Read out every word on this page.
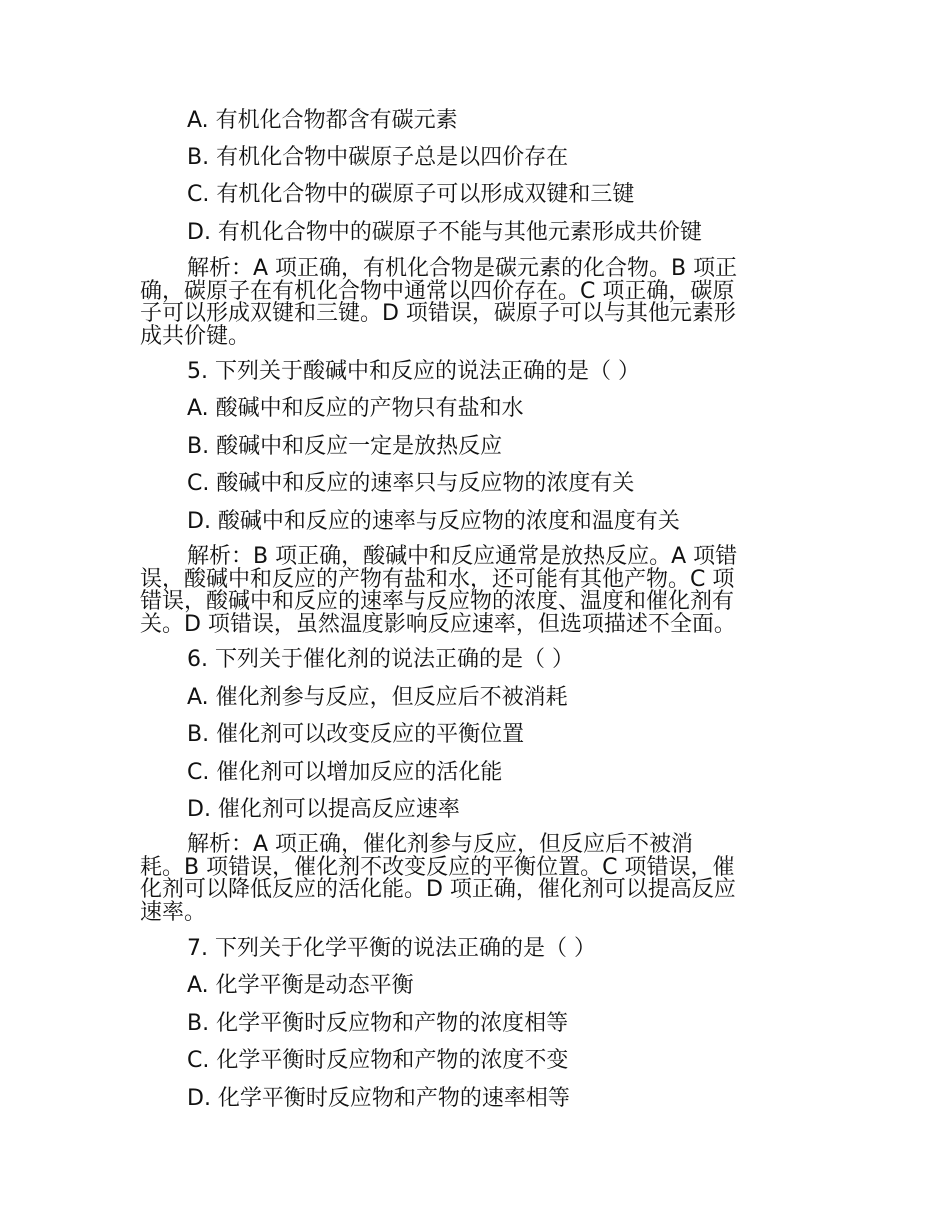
A. 有机化合物都含有碳元素
B. 有机化合物中碳原子总是以四价存在
C. 有机化合物中的碳原子可以形成双键和三键
D. 有机化合物中的碳原子不能与其他元素形成共价键
解析：A 项正确，有机化合物是碳元素的化合物。B 项正
确，碳原子在有机化合物中通常以四价存在。C 项正确，碳原
子可以形成双键和三键。D 项错误，碳原子可以与其他元素形
成共价键。
5. 下列关于酸碱中和反应的说法正确的是（ ）
A. 酸碱中和反应的产物只有盐和水
B. 酸碱中和反应一定是放热反应
C. 酸碱中和反应的速率只与反应物的浓度有关
D. 酸碱中和反应的速率与反应物的浓度和温度有关
解析：B 项正确，酸碱中和反应通常是放热反应。A 项错
误，酸碱中和反应的产物有盐和水，还可能有其他产物。C 项
错误，酸碱中和反应的速率与反应物的浓度、温度和催化剂有
关。D 项错误，虽然温度影响反应速率，但选项描述不全面。
6. 下列关于催化剂的说法正确的是（ ）
A. 催化剂参与反应，但反应后不被消耗
B. 催化剂可以改变反应的平衡位置
C. 催化剂可以增加反应的活化能
D. 催化剂可以提高反应速率
解析：A 项正确，催化剂参与反应，但反应后不被消
耗。B 项错误，催化剂不改变反应的平衡位置。C 项错误，催
化剂可以降低反应的活化能。D 项正确，催化剂可以提高反应
速率。
7. 下列关于化学平衡的说法正确的是（ ）
A. 化学平衡是动态平衡
B. 化学平衡时反应物和产物的浓度相等
C. 化学平衡时反应物和产物的浓度不变
D. 化学平衡时反应物和产物的速率相等
